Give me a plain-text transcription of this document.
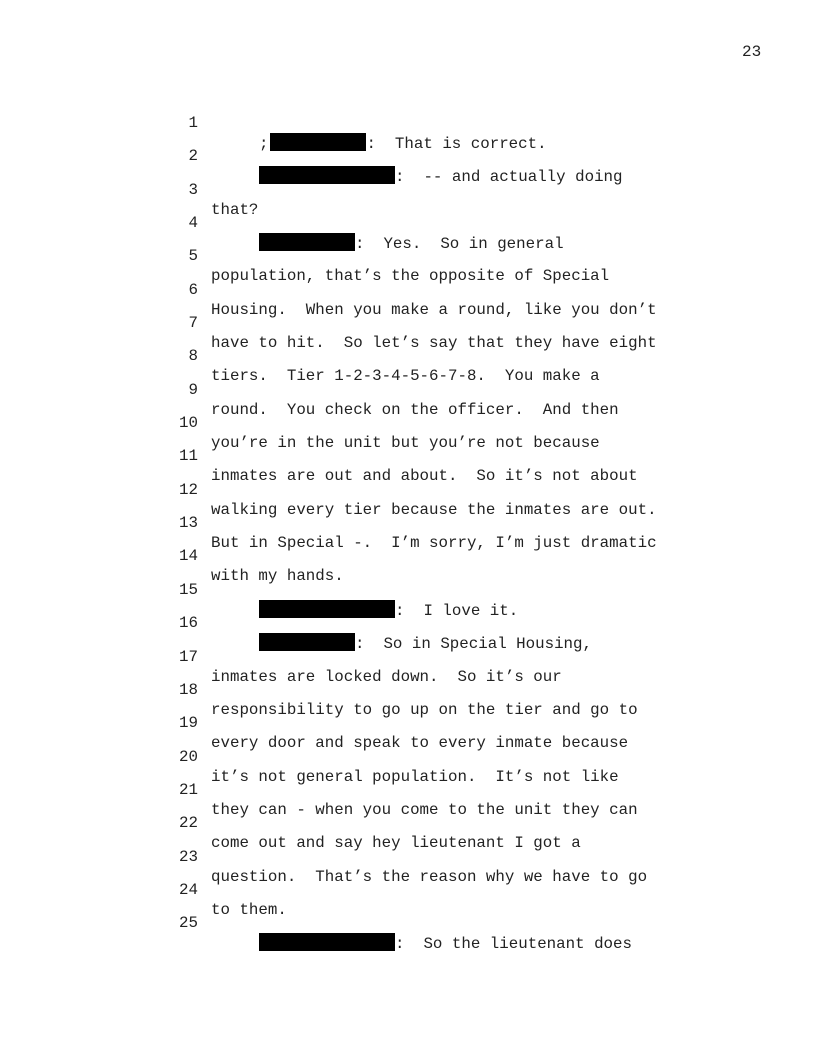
23

1

;	:  That is correct.

2

:  -- and actually doing

3

that?

4

:  Yes.  So in general

5

population, that’s the opposite of Special

6

Housing.  When you make a round, like you don’t

7

have to hit.  So let’s say that they have eight

8

tiers.  Tier 1-2-3-4-5-6-7-8.  You make a

9

round.  You check on the officer.  And then

10

you’re in the unit but you’re not because

11

inmates are out and about.  So it’s not about

12

walking every tier because the inmates are out.

13

But in Special -.  I’m sorry, I’m just dramatic

14

with my hands.

15

:  I love it.

16

:  So in Special Housing,

17

inmates are locked down.  So it’s our

18

responsibility to go up on the tier and go to

19

every door and speak to every inmate because

20

it’s not general population.  It’s not like

21

they can - when you come to the unit they can

22

come out and say hey lieutenant I got a

23

question.  That’s the reason why we have to go

24

to them.

25

:  So the lieutenant does
